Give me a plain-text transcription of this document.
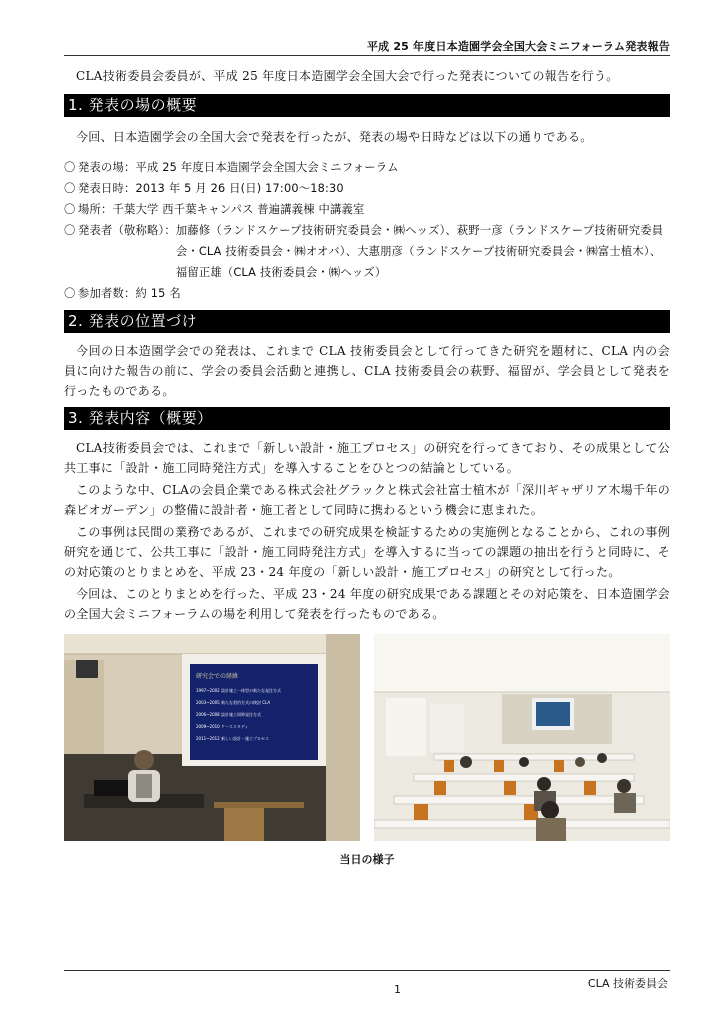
平成 25 年度日本造園学会全国大会ミニフォーラム発表報告

CLA技術委員会委員が、平成 25 年度日本造園学会全国大会で行った発表についての報告を行う。

1. 発表の場の概要

今回、日本造園学会の全国大会で発表を行ったが、発表の場や日時などは以下の通りである。

〇 発表の場： 平成 25 年度日本造園学会全国大会ミニフォーラム
〇 発表日時： 2013 年 5 月 26 日(日) 17:00～18:30
〇 場所： 千葉大学 西千葉キャンパス 普遍講義棟 中講義室
〇 発表者（敬称略）： 加藤修（ランドスケープ技術研究委員会・㈱ヘッズ）、萩野一彦（ランドスケープ技術研究委員会・CLA 技術委員会・㈱オオバ）、大惠朋彦（ランドスケープ技術研究委員会・㈱富士植木）、福留正雄（CLA 技術委員会・㈱ヘッズ）
〇 参加者数： 約 15 名
2. 発表の位置づけ

今回の日本造園学会での発表は、これまで CLA 技術委員会として行ってきた研究を題材に、CLA 内の会員に向けた報告の前に、学会の委員会活動と連携し、CLA 技術委員会の萩野、福留が、学会員として発表を行ったものである。

3. 発表内容（概要）

CLA技術委員会では、これまで「新しい設計・施工プロセス」の研究を行ってきており、その成果として公共工事に「設計・施工同時発注方式」を導入することをひとつの結論としている。

このような中、CLAの会員企業である株式会社グラックと株式会社富士植木が「深川ギャザリア木場千年の森ビオガーデン」の整備に設計者・施工者として同時に携わるという機会に恵まれた。

この事例は民間の業務であるが、これまでの研究成果を検証するための実施例となることから、これの事例研究を通じて、公共工事に「設計・施工同時発注方式」を導入するに当っての課題の抽出を行うと同時に、その対応策のとりまとめを、平成 23・24 年度の「新しい設計・施工プロセス」の研究として行った。

今回は、このとりまとめを行った、平成 23・24 年度の研究成果である課題とその対応策を、日本造園学会の全国大会ミニフォーラムの場を利用して発表を行ったものである。

研究会での経緯
1997~2002 設計施工一体型の新たな発注方式
2003~2005 新たな契約方式の検討 CLA
2006~2008 設計施工同時発注方式
2009~2010 ケーススタディ
2011~2012 新しい設計・施工プロセス
当日の様子
1	CLA 技術委員会
